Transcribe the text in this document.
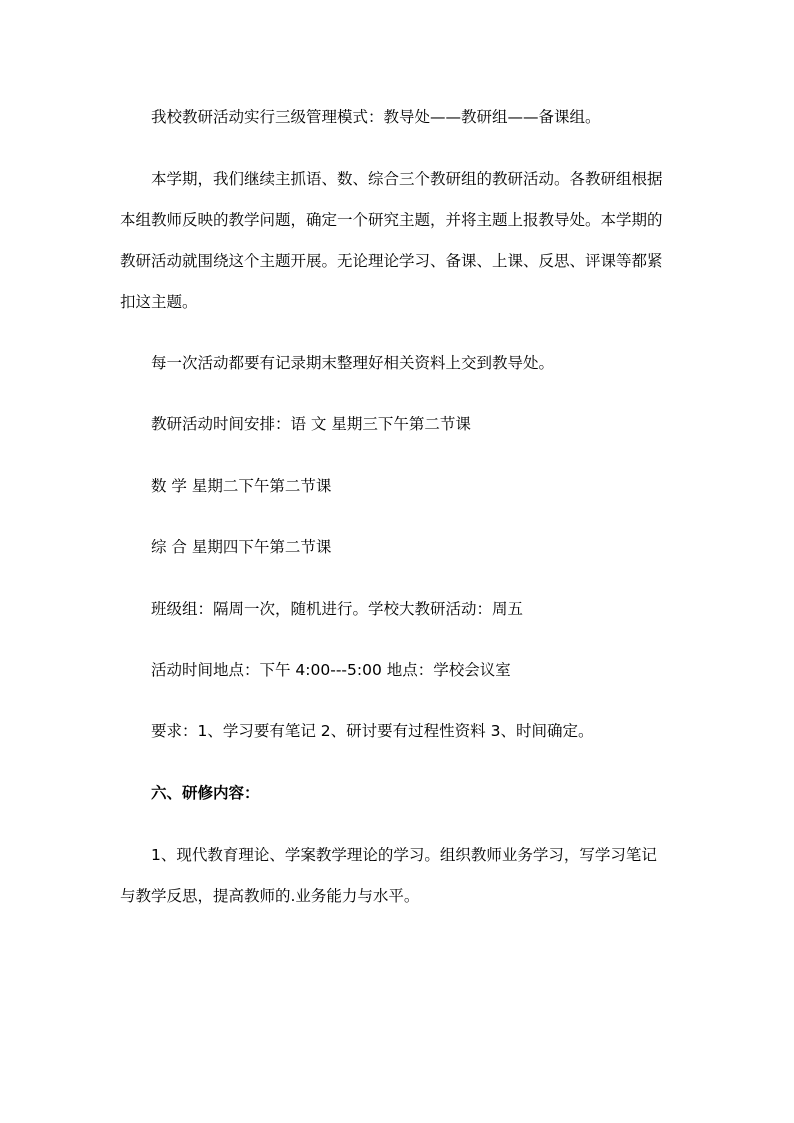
我校教研活动实行三级管理模式：教导处——教研组——备课组。

本学期，我们继续主抓语、数、综合三个教研组的教研活动。各教研组根据
本组教师反映的教学问题，确定一个研究主题，并将主题上报教导处。本学期的
教研活动就围绕这个主题开展。无论理论学习、备课、上课、反思、评课等都紧
扣这主题。

每一次活动都要有记录期末整理好相关资料上交到教导处。

教研活动时间安排：语 文 星期三下午第二节课

数 学 星期二下午第二节课

综 合 星期四下午第二节课

班级组：隔周一次，随机进行。学校大教研活动：周五

活动时间地点：下午 4:00---5:00 地点：学校会议室

要求：1、学习要有笔记 2、研讨要有过程性资料 3、时间确定。

六、研修内容：

1、现代教育理论、学案教学理论的学习。组织教师业务学习，写学习笔记
与教学反思，提高教师的.业务能力与水平。
